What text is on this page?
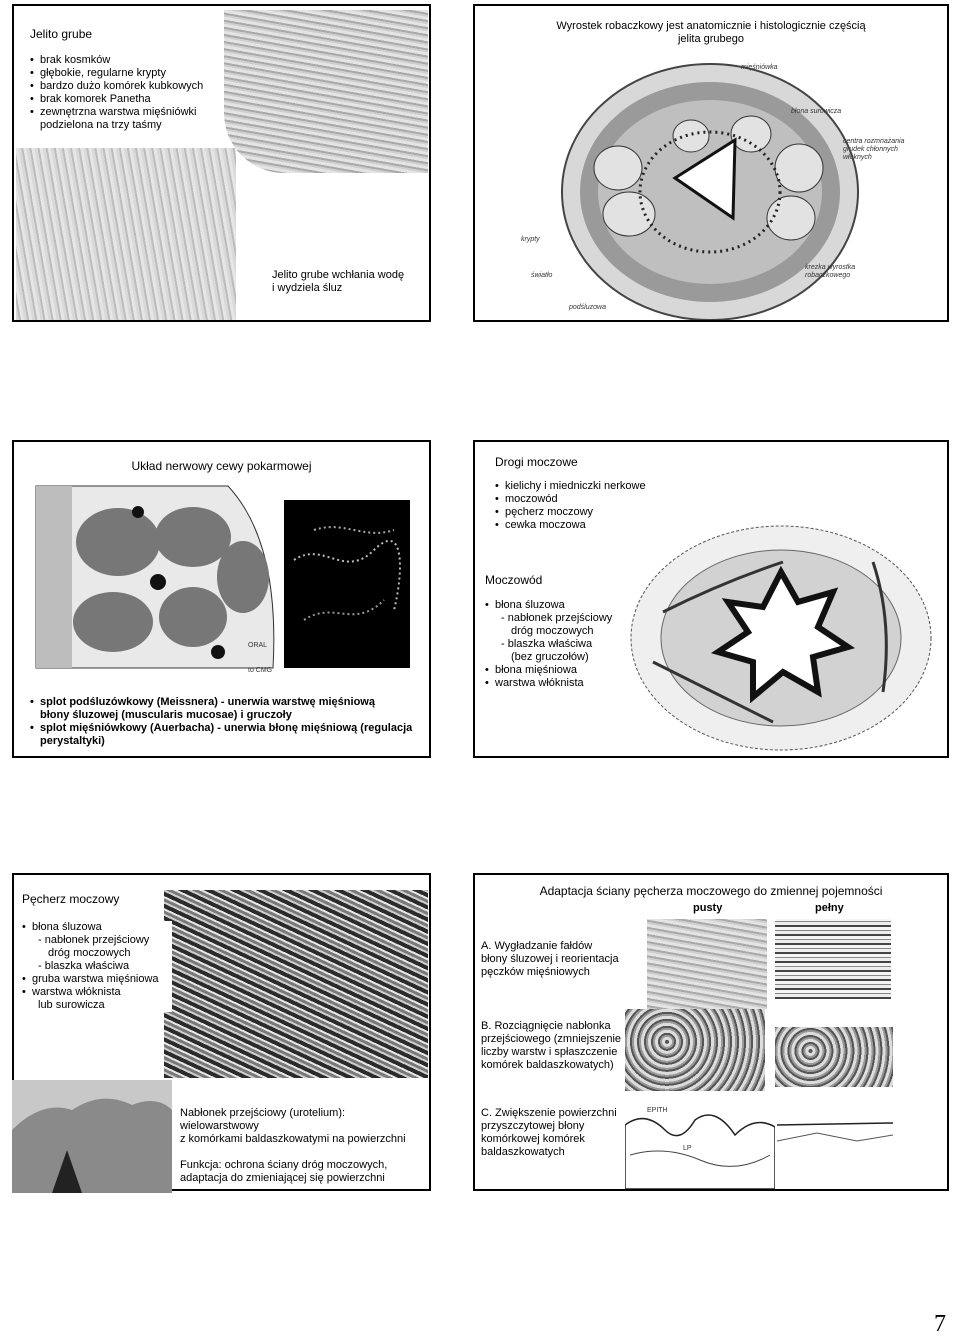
Jelito grube
• brak kosmków
• głębokie, regularne krypty
• bardzo dużo komórek kubkowych
• brak komorek Panetha
• zewnętrzna warstwa mięśniówki podzielona na trzy taśmy
Jelito grube wchłania wodę
i wydziela śluz
Wyrostek robaczkowy jest anatomicznie i histologicznie częścią
jelita grubego
mięśniówka
błona surowicza
centra rozmnażania
grudek chłonnych
włóknych
krypty
światło
krezka wyrostka
robaczkowego
podśluzowa
Układ nerwowy cewy pokarmowej
ORAL
to CMG
• splot podśluzówkowy (Meissnera) - unerwia warstwę mięśniową
błony śluzowej (muscularis mucosae) i gruczoły
• splot mięśniówkowy (Auerbacha) - unerwia błonę mięśniową (regulacja
perystaltyki)
Drogi moczowe
• kielichy i miedniczki nerkowe
• moczowód
• pęcherz moczowy
• cewka moczowa
Moczowód
• błona śluzowa
- nabłonek przejściowy
dróg moczowych
- blaszka właściwa
(bez gruczołów)
• błona mięśniowa
• warstwa włóknista
Pęcherz moczowy
• błona śluzowa
- nabłonek przejściowy
dróg moczowych
- blaszka właściwa
• gruba warstwa mięśniowa
• warstwa włóknista
lub surowicza
Nabłonek przejściowy (urotelium):
wielowarstwowy
z komórkami baldaszkowatymi na powierzchni
Funkcja: ochrona ściany dróg moczowych,
adaptacja do zmieniającej się powierzchni
Adaptacja ściany pęcherza moczowego do zmiennej pojemności
pusty	pełny
A. Wygładzanie fałdów
błony śluzowej i reorientacja
pęczków mięśniowych
B. Rozciągnięcie nabłonka
przejściowego (zmniejszenie
liczby warstw i spłaszczenie
komórek baldaszkowatych)
C. Zwiększenie powierzchni
przyszczytowej błony
komórkowej komórek
baldaszkowatych
EPITH
LP
7
